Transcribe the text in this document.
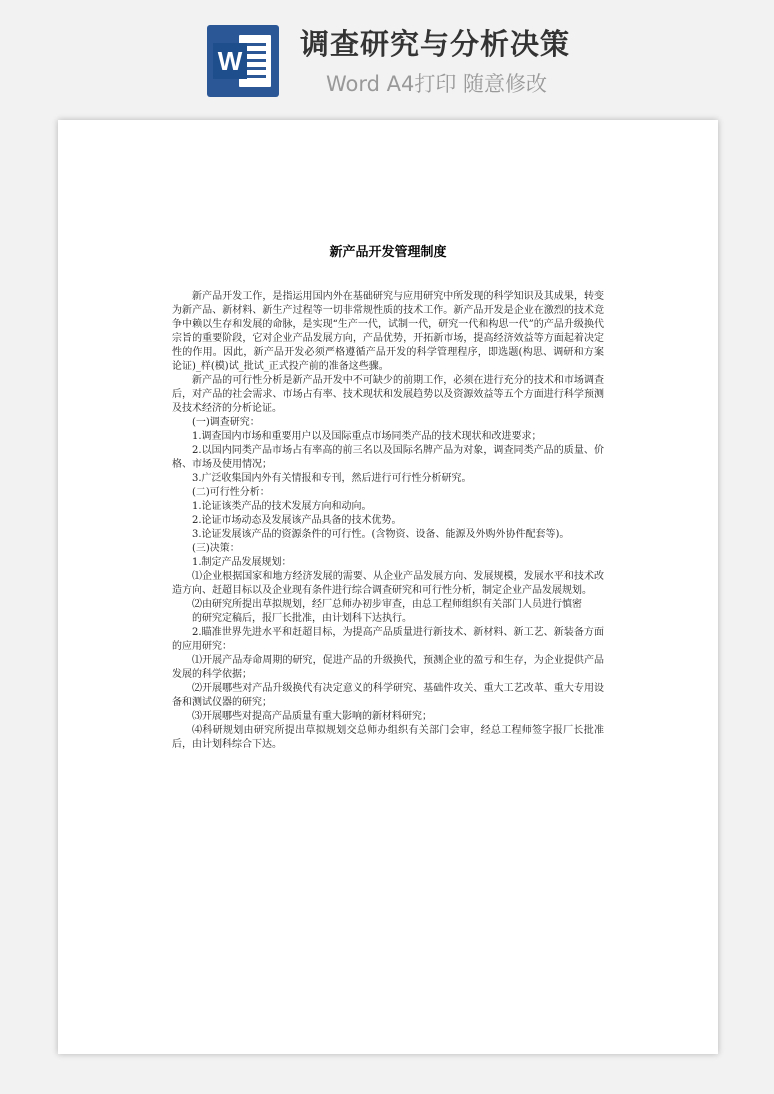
W 调查研究与分析决策
Word A4打印 随意修改
新产品开发管理制度

新产品开发工作，是指运用国内外在基础研究与应用研究中所发现的科学知识及其成果，转变为新产品、新材料、新生产过程等一切非常规性质的技术工作。新产品开发是企业在激烈的技术竞争中赖以生存和发展的命脉，是实现“生产一代，试制一代，研究一代和构思一代”的产品升级换代宗旨的重要阶段，它对企业产品发展方向，产品优势，开拓新市场，提高经济效益等方面起着决定性的作用。因此，新产品开发必须严格遵循产品开发的科学管理程序，即选题(构思、调研和方案论证)_样(模)试_批试_正式投产前的准备这些骤。

新产品的可行性分析是新产品开发中不可缺少的前期工作，必须在进行充分的技术和市场调查后，对产品的社会需求、市场占有率、技术现状和发展趋势以及资源效益等五个方面进行科学预测及技术经济的分析论证。

(一)调查研究：

1.调查国内市场和重要用户以及国际重点市场同类产品的技术现状和改进要求；

2.以国内同类产品市场占有率高的前三名以及国际名牌产品为对象，调查同类产品的质量、价格、市场及使用情况；

3.广泛收集国内外有关情报和专刊，然后进行可行性分析研究。

(二)可行性分析：

1.论证该类产品的技术发展方向和动向。

2.论证市场动态及发展该产品具备的技术优势。

3.论证发展该产品的资源条件的可行性。(含物资、设备、能源及外购外协件配套等)。

(三)决策：

1.制定产品发展规划：

⑴企业根据国家和地方经济发展的需要、从企业产品发展方向、发展规模，发展水平和技术改造方向、赶超目标以及企业现有条件进行综合调查研究和可行性分析，制定企业产品发展规划。

⑵由研究所提出草拟规划，经厂总师办初步审查，由总工程师组织有关部门人员进行慎密

的研究定稿后，报厂长批准，由计划科下达执行。

2.瞄准世界先进水平和赶超目标，为提高产品质量进行新技术、新材料、新工艺、新装备方面的应用研究：

⑴开展产品寿命周期的研究，促进产品的升级换代，预测企业的盈亏和生存，为企业提供产品发展的科学依据；

⑵开展哪些对产品升级换代有决定意义的科学研究、基础件攻关、重大工艺改革、重大专用设备和测试仪器的研究；

⑶开展哪些对提高产品质量有重大影响的新材料研究；

⑷科研规划由研究所提出草拟规划交总师办组织有关部门会审，经总工程师签字报厂长批准后，由计划科综合下达。
